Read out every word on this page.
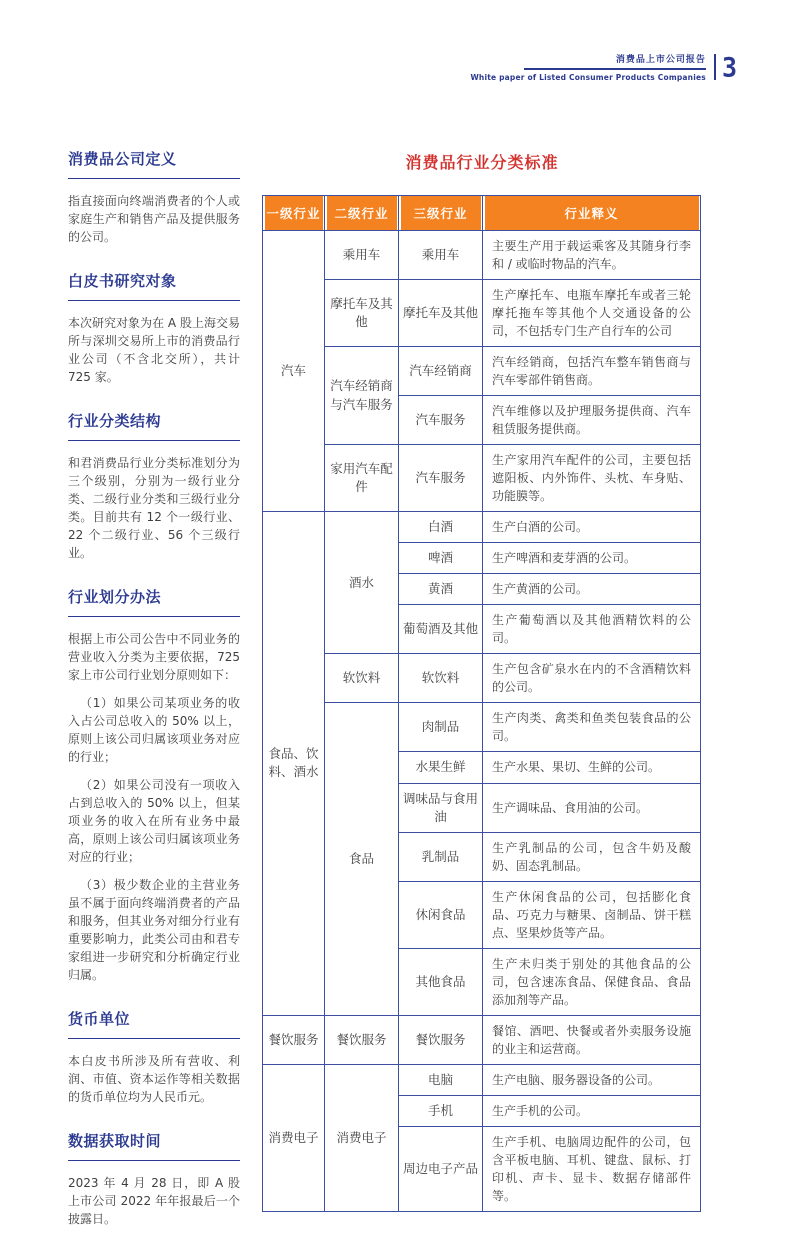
消费品上市公司报告
White paper of Listed Consumer Products Companies 3
消费品公司定义

指直接面向终端消费者的个人或家庭生产和销售产品及提供服务的公司。

白皮书研究对象

本次研究对象为在 A 股上海交易所与深圳交易所上市的消费品行业公司（不含北交所），共计 725 家。

行业分类结构

和君消费品行业分类标准划分为三个级别，分别为一级行业分类、二级行业分类和三级行业分类。目前共有 12 个一级行业、22 个二级行业、56 个三级行业。

行业划分办法

根据上市公司公告中不同业务的营业收入分类为主要依据，725 家上市公司行业划分原则如下：

（1）如果公司某项业务的收入占公司总收入的 50% 以上，原则上该公司归属该项业务对应的行业；

（2）如果公司没有一项收入占到总收入的 50% 以上，但某项业务的收入在所有业务中最高，原则上该公司归属该项业务对应的行业；

（3）极少数企业的主营业务虽不属于面向终端消费者的产品和服务，但其业务对细分行业有重要影响力，此类公司由和君专家组进一步研究和分析确定行业归属。

货币单位

本白皮书所涉及所有营收、利润、市值、资本运作等相关数据的货币单位均为人民币元。

数据获取时间

2023 年 4 月 28 日，即 A 股上市公司 2022 年年报最后一个披露日。

消费品行业分类标准
一级行业	二级行业	三级行业	行业释义

汽车	乘用车	乘用车	主要生产用于载运乘客及其随身行李和 / 或临时物品的汽车。
	摩托车及其他	摩托车及其他	生产摩托车、电瓶车摩托车或者三轮摩托拖车等其他个人交通设备的公司，不包括专门生产自行车的公司
	汽车经销商与汽车服务	汽车经销商	汽车经销商，包括汽车整车销售商与汽车零部件销售商。
		汽车服务	汽车维修以及护理服务提供商、汽车租赁服务提供商。
	家用汽车配件	汽车服务	生产家用汽车配件的公司，主要包括遮阳板、内外饰件、头枕、车身贴、功能膜等。
食品、饮料、酒水	酒水	白酒	生产白酒的公司。
		啤酒	生产啤酒和麦芽酒的公司。
		黄酒	生产黄酒的公司。
		葡萄酒及其他	生产葡萄酒以及其他酒精饮料的公司。
	软饮料	软饮料	生产包含矿泉水在内的不含酒精饮料的公司。
	食品	肉制品	生产肉类、禽类和鱼类包装食品的公司。
		水果生鲜	生产水果、果切、生鲜的公司。
		调味品与食用油	生产调味品、食用油的公司。
		乳制品	生产乳制品的公司，包含牛奶及酸奶、固态乳制品。
		休闲食品	生产休闲食品的公司，包括膨化食品、巧克力与糖果、卤制品、饼干糕点、坚果炒货等产品。
		其他食品	生产未归类于别处的其他食品的公司，包含速冻食品、保健食品、食品添加剂等产品。
餐饮服务	餐饮服务	餐饮服务	餐馆、酒吧、快餐或者外卖服务设施的业主和运营商。
消费电子	消费电子	电脑	生产电脑、服务器设备的公司。
		手机	生产手机的公司。
		周边电子产品	生产手机、电脑周边配件的公司，包含平板电脑、耳机、键盘、鼠标、打印机、声卡、显卡、数据存储部件等。
